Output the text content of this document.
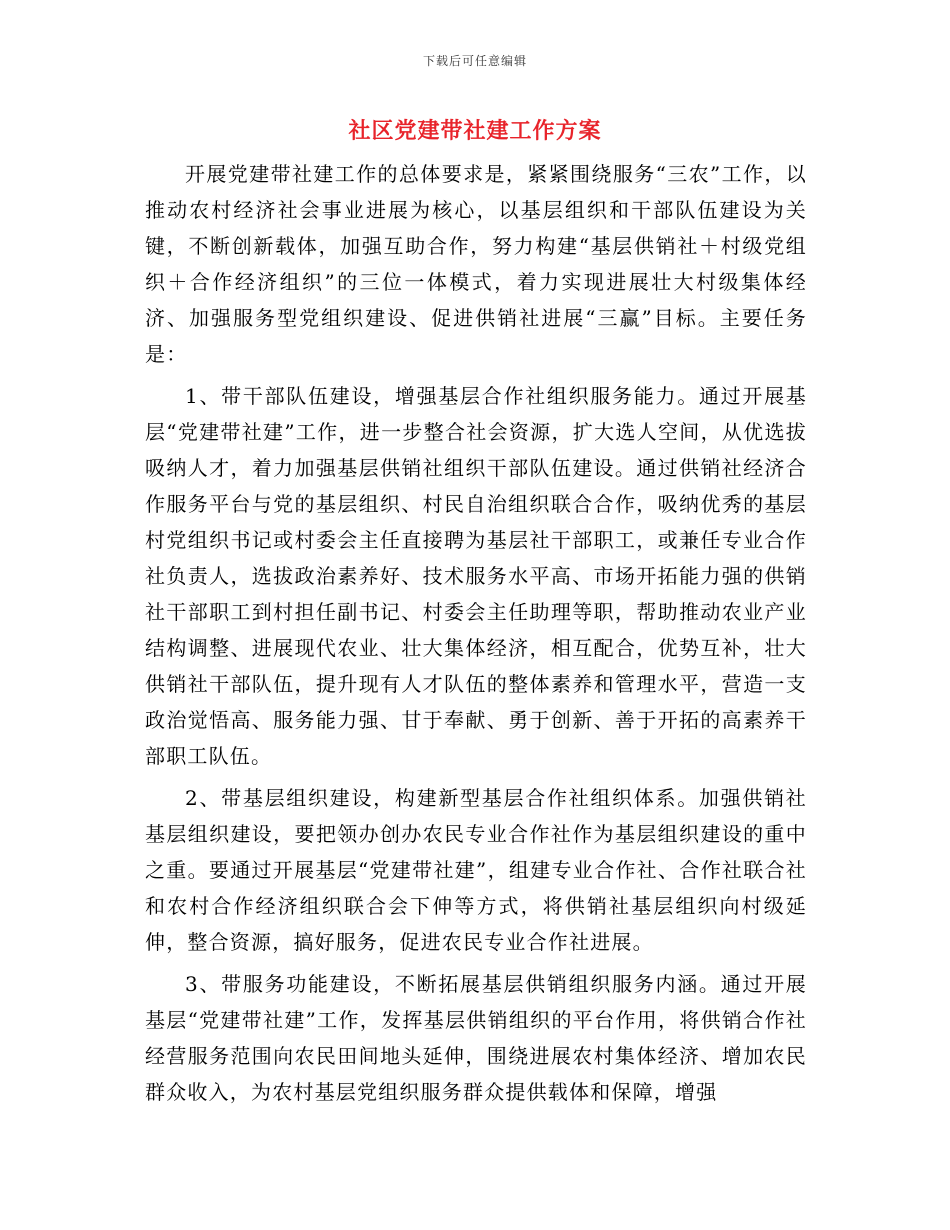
下载后可任意编辑
社区党建带社建工作方案

开展党建带社建工作的总体要求是，紧紧围绕服务“三农”工作，以推动农村经济社会事业进展为核心，以基层组织和干部队伍建设为关键，不断创新载体，加强互助合作，努力构建“基层供销社＋村级党组织＋合作经济组织”的三位一体模式，着力实现进展壮大村级集体经济、加强服务型党组织建设、促进供销社进展“三赢”目标。主要任务是：

1、带干部队伍建设，增强基层合作社组织服务能力。通过开展基层“党建带社建”工作，进一步整合社会资源，扩大选人空间，从优选拔吸纳人才，着力加强基层供销社组织干部队伍建设。通过供销社经济合作服务平台与党的基层组织、村民自治组织联合合作，吸纳优秀的基层村党组织书记或村委会主任直接聘为基层社干部职工，或兼任专业合作社负责人，选拔政治素养好、技术服务水平高、市场开拓能力强的供销社干部职工到村担任副书记、村委会主任助理等职，帮助推动农业产业结构调整、进展现代农业、壮大集体经济，相互配合，优势互补，壮大供销社干部队伍，提升现有人才队伍的整体素养和管理水平，营造一支政治觉悟高、服务能力强、甘于奉献、勇于创新、善于开拓的高素养干部职工队伍。

2、带基层组织建设，构建新型基层合作社组织体系。加强供销社基层组织建设，要把领办创办农民专业合作社作为基层组织建设的重中之重。要通过开展基层“党建带社建”，组建专业合作社、合作社联合社和农村合作经济组织联合会下伸等方式，将供销社基层组织向村级延伸，整合资源，搞好服务，促进农民专业合作社进展。

3、带服务功能建设，不断拓展基层供销组织服务内涵。通过开展基层“党建带社建”工作，发挥基层供销组织的平台作用，将供销合作社经营服务范围向农民田间地头延伸，围绕进展农村集体经济、增加农民群众收入，为农村基层党组织服务群众提供载体和保障，增强
